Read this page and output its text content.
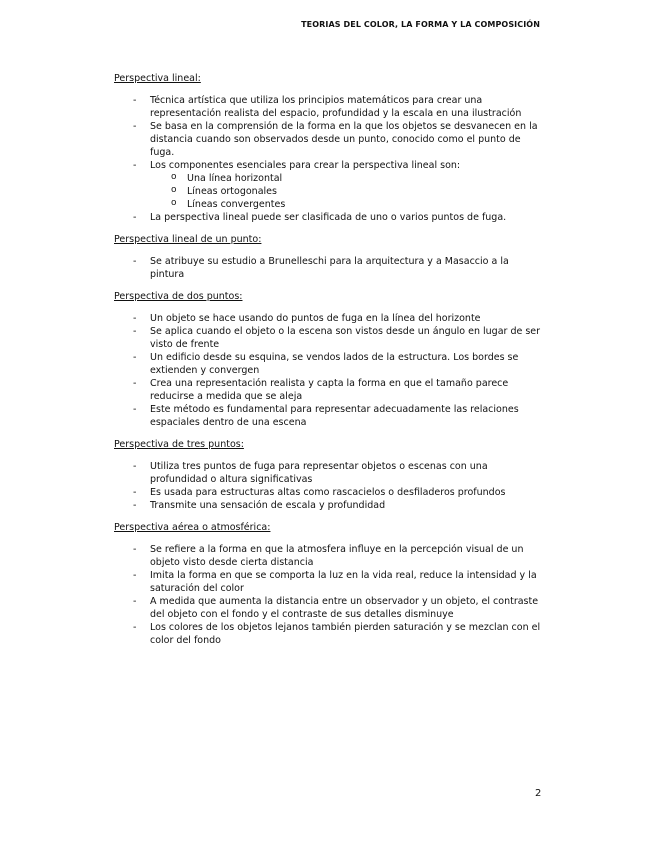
TEORIAS DEL COLOR, LA FORMA Y LA COMPOSICIÓN

Perspectiva lineal:

- Técnica artística que utiliza los principios matemáticos para crear una representación realista del espacio, profundidad y la escala en una ilustración
- Se basa en la comprensión de la forma en la que los objetos se desvanecen en la distancia cuando son observados desde un punto, conocido como el punto de fuga.
- Los componentes esenciales para crear la perspectiva lineal son:
o Una línea horizontal
o Líneas ortogonales
o Líneas convergentes
- La perspectiva lineal puede ser clasificada de uno o varios puntos de fuga.

Perspectiva lineal de un punto:

- Se atribuye su estudio a Brunelleschi para la arquitectura y a Masaccio a la pintura

Perspectiva de dos puntos:

- Un objeto se hace usando do puntos de fuga en la línea del horizonte
- Se aplica cuando el objeto o la escena son vistos desde un ángulo en lugar de ser visto de frente
- Un edificio desde su esquina, se vendos lados de la estructura. Los bordes se extienden y convergen
- Crea una representación realista y capta la forma en que el tamaño parece reducirse a medida que se aleja
- Este método es fundamental para representar adecuadamente las relaciones espaciales dentro de una escena

Perspectiva de tres puntos:

- Utiliza tres puntos de fuga para representar objetos o escenas con una profundidad o altura significativas
- Es usada para estructuras altas como rascacielos o desfiladeros profundos
- Transmite una sensación de escala y profundidad

Perspectiva aérea o atmosférica:

- Se refiere a la forma en que la atmosfera influye en la percepción visual de un objeto visto desde cierta distancia
- Imita la forma en que se comporta la luz en la vida real, reduce la intensidad y la saturación del color
- A medida que aumenta la distancia entre un observador y un objeto, el contraste del objeto con el fondo y el contraste de sus detalles disminuye
- Los colores de los objetos lejanos también pierden saturación y se mezclan con el color del fondo
2
